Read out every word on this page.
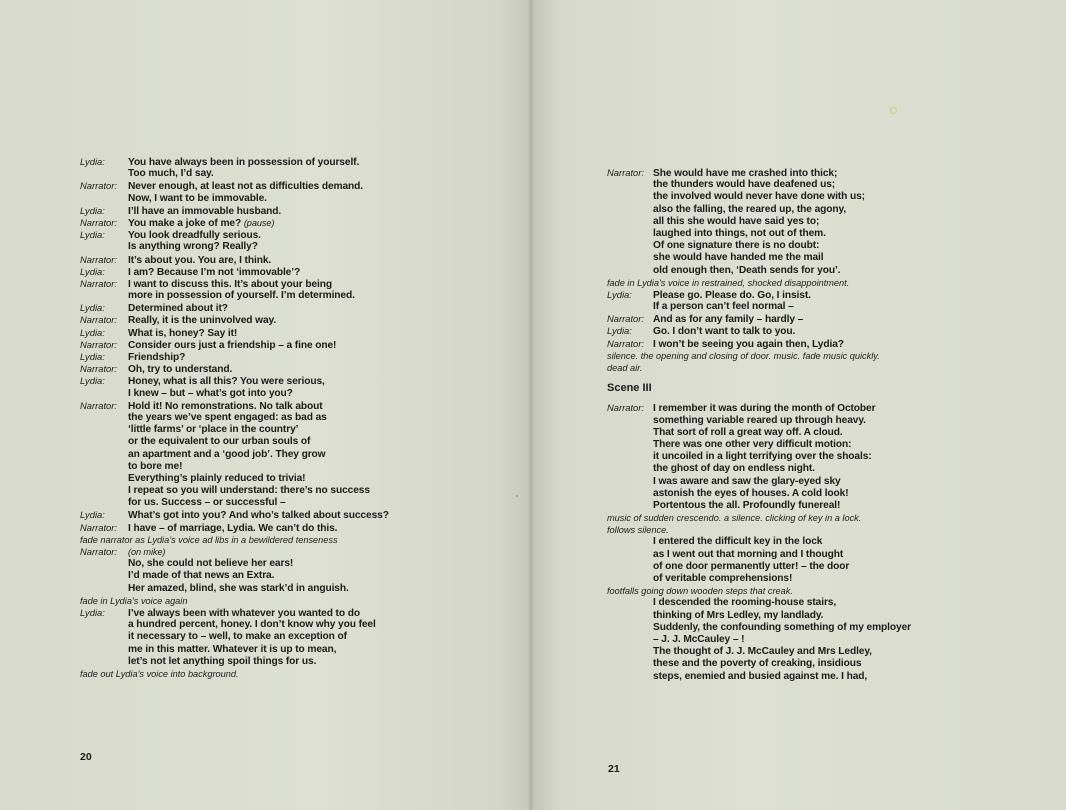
Lydia: You have always been in possession of yourself.
Too much, I’d say.
Narrator: Never enough, at least not as difficulties demand.
Now, I want to be immovable.
Lydia: I’ll have an immovable husband.
Narrator: You make a joke of me? (pause)
Lydia: You look dreadfully serious.
Is anything wrong? Really?
Narrator: It’s about you. You are, I think.
Lydia: I am? Because I’m not ‘immovable’?
Narrator: I want to discuss this. It’s about your being
more in possession of yourself. I’m determined.
Lydia: Determined about it?
Narrator: Really, it is the uninvolved way.
Lydia: What is, honey? Say it!
Narrator: Consider ours just a friendship – a fine one!
Lydia: Friendship?
Narrator: Oh, try to understand.
Lydia: Honey, what is all this? You were serious,
I knew – but – what’s got into you?
Narrator: Hold it! No remonstrations. No talk about
the years we’ve spent engaged: as bad as
‘little farms’ or ‘place in the country’
or the equivalent to our urban souls of
an apartment and a ‘good job’. They grow
to bore me!
Everything’s plainly reduced to trivia!
I repeat so you will understand: there’s no success
for us. Success – or successful –
Lydia: What’s got into you? And who’s talked about success?
Narrator: I have – of marriage, Lydia. We can’t do this.
fade narrator as Lydia’s voice ad libs in a bewildered tenseness
Narrator: (on mike)
No, she could not believe her ears!
I’d made of that news an Extra.
Her amazed, blind, she was stark’d in anguish.
fade in Lydia’s voice again
Lydia: I’ve always been with whatever you wanted to do
a hundred percent, honey. I don’t know why you feel
it necessary to – well, to make an exception of
me in this matter. Whatever it is up to mean,
let’s not let anything spoil things for us.
fade out Lydia’s voice into background.
20
Narrator: She would have me crashed into thick;
the thunders would have deafened us;
the involved would never have done with us;
also the falling, the reared up, the agony,
all this she would have said yes to;
laughed into things, not out of them.
Of one signature there is no doubt:
she would have handed me the mail
old enough then, ‘Death sends for you’.
fade in Lydia’s voice in restrained, shocked disappointment.
Lydia: Please go. Please do. Go, I insist.
If a person can’t feel normal –
Narrator: And as for any family – hardly –
Lydia: Go. I don’t want to talk to you.
Narrator: I won’t be seeing you again then, Lydia?
silence. the opening and closing of door. music. fade music quickly.
dead air.
Scene III
Narrator: I remember it was during the month of October
something variable reared up through heavy.
That sort of roll a great way off. A cloud.
There was one other very difficult motion:
it uncoiled in a light terrifying over the shoals:
the ghost of day on endless night.
I was aware and saw the glary-eyed sky
astonish the eyes of houses. A cold look!
Portentous the all. Profoundly funereal!
music of sudden crescendo. a silence. clicking of key in a lock.
follows silence.
I entered the difficult key in the lock
as I went out that morning and I thought
of one door permanently utter! – the door
of veritable comprehensions!
footfalls going down wooden steps that creak.
I descended the rooming-house stairs,
thinking of Mrs Ledley, my landlady.
Suddenly, the confounding something of my employer
– J. J. McCauley – !
The thought of J. J. McCauley and Mrs Ledley,
these and the poverty of creaking, insidious
steps, enemied and busied against me. I had,
21
